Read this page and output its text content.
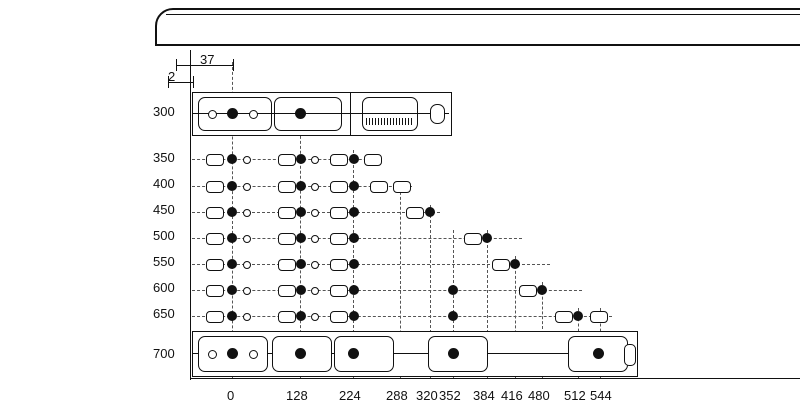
37
2
300
350
400
450
500
550
600
650
700
0	128 224 288 320 352 384 416 480 512 544
